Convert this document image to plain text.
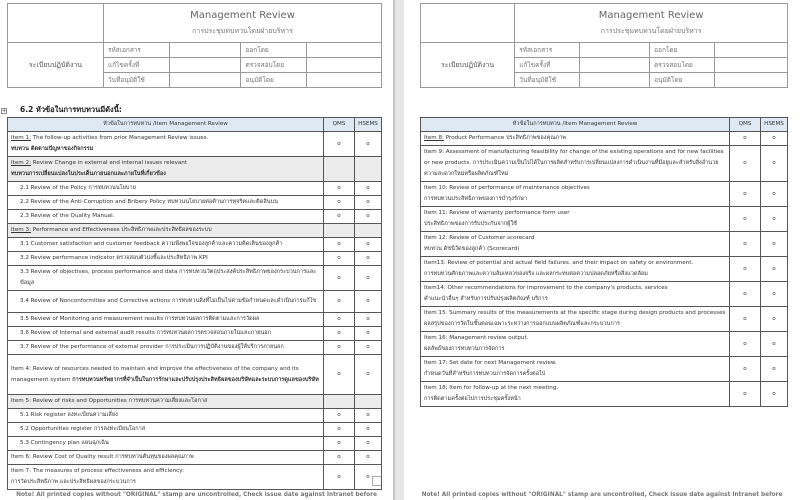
	Management Review
การประชุมทบทวนโดยฝ่ายบริหาร			
ระเบียบปฏิบัติงาน	รหัสเอกสาร		ออกโดย	
	แก้ไขครั้งที่		ตรวจสอบโดย	
	วันที่อนุมัติใช้		อนุมัติโดย	
+ 6.2 หัวข้อในการทบทวนมีดังนี้:
หัวข้อในการทบทวน /Item Management Review	QMS	HSEMS
Item 1: The follow-up activities from prior Management Review issues.
ทบทวน ติดตามปัญหาของกิจกรรม	o	o
Item 2: Review Change in external and internal issues relevant
ทบทวนการเปลี่ยนแปลงในประเด็นภายนอกและภายในที่เกี่ยวข้อง		
2.1 Review of the Policy การทบทวนนโยบาย	o	o
2.2 Review of the Anti-Corruption and Bribery Policy ทบทวนนโยบายต่อต้านการทุจริตและติดสินบน	o	o
2.3 Review of the Quality Manual.	o	o
Item 3: Performance and Effectiveness ประสิทธิภาพและประสิทธิผลของระบบ		
3.1 Customer satisfaction and customer feedback ความพึงพอใจของลูกค้าและความคิดเห็นของลูกค้า	o	o
3.2 Review performance indicator ตรวจสอบตัวบ่งชี้และประสิทธิภาพ KPI	o	o
3.3 Review of objectives, process performance and data การทบทวนวัตถุประสงค์ประสิทธิภาพของกระบวนการและข้อมูล	o	o
3.4 Review of Nonconformities and Corrective actions การทบทวนสิ่งที่ไม่เป็นไปตามข้อกำหนดและดำเนินการแก้ไข	o	o
3.5 Review of Monitoring and measurement results การทบทวนผลการติดตามและการวัดผล	o	o
3.6 Review of Internal and external audit results การทบทวนผลการตรวจสอบภายในและภายนอก	o	o
3.7 Review of the performance of external provider การประเมินการปฏิบัติงานของผู้ให้บริการภายนอก	o	o
Item 4: Review of resources needed to maintain and improve the effectiveness of the company and its management system การทบทวนทรัพยากรที่จำเป็นในการรักษาและปรับปรุงประสิทธิผลของบริษัทและระบบการดูแลของบริษัท	o	o
Item 5: Review of risks and Opportunities การทบทวนความเสี่ยงและโอกาส		
5.1 Risk register ลงทะเบียนความเสี่ยง	o	o
5.2 Opportunities register การลงทะเบียนโอกาส	o	o
5.3 Contingency plan แผนฉุกเฉิน	o	o
Item 6: Review Cost of Quality result การทบทวนต้นทุนของผลคุณภาพ	o	o
Item 7: The measures of process effectiveness and efficiency:
การวัดประสิทธิภาพ และประสิทธิผลของกระบวนการ	o	o
Note! All printed copies without "ORIGINAL" stamp are uncontrolled, Check issue date against Intranet before

	Management Review
การประชุมทบทวนโดยฝ่ายบริหาร			
ระเบียบปฏิบัติงาน	รหัสเอกสาร		ออกโดย	
	แก้ไขครั้งที่		ตรวจสอบโดย	
	วันที่อนุมัติใช้		อนุมัติโดย	
หัวข้อในการทบทวน /Item Management Review	QMS	HSEMS
Item 8: Product Performance ประสิทธิภาพของคุณภาพ	o	o
Item 9: Assessment of manufacturing feasibility for change of the existing operations and for new facilities or new products. การประเมินความเป็นไปได้ในการผลิตสำหรับการเปลี่ยนแปลงการดำเนินงานที่มีอยู่และสำหรับสิ่งอำนวยความสะดวกใหม่หรือผลิตภัณฑ์ใหม่	o	o
Item 10: Review of performance of maintenance objectives
การทบทวนประสิทธิภาพของการบำรุงรักษา	o	o
Item 11: Review of warranty performance form user
ประสิทธิภาพของการรับประกันจากผู้ใช้	o	o
Item 12: Review of Customer scorecard
ทบทวน ดัชนีวัดของลูกค้า (Scorecard)	o	o
Item13: Review of potential and actual field failures. and their impact on safety or environment.
การทบทวนศักยภาพและความล้มเหลวของจริง และผลกระทบต่อความปลอดภัยหรือสิ่งแวดล้อม	o	o
Item14: Other recommendations for improvement to the company's products, services
คำแนะนำอื่นๆ สำหรับการปรับปรุงผลิตภัณฑ์ บริการ	o	o
Item 15. Summary results of the measurements at the specific stage during design products and processes ผลสรุปของการวัดในขั้นตอนเฉพาะระหว่างการออกแบบผลิตภัณฑ์และกระบวนการ	o	o
Item 16: Management review output.
ผลลัพธ์ของการทบทวนการจัดการ	o	o
Item 17: Set date for next Management review.
กำหนดวันที่สำหรับการทบทวนการจัดการครั้งต่อไป	o	o
Item 18; Item for follow-up at the next meeting.
การติดตามครั้งต่อไปการประชุมครั้งหน้า	o	o
Note! All printed copies without "ORIGINAL" stamp are uncontrolled, Check issue date against Intranet before
